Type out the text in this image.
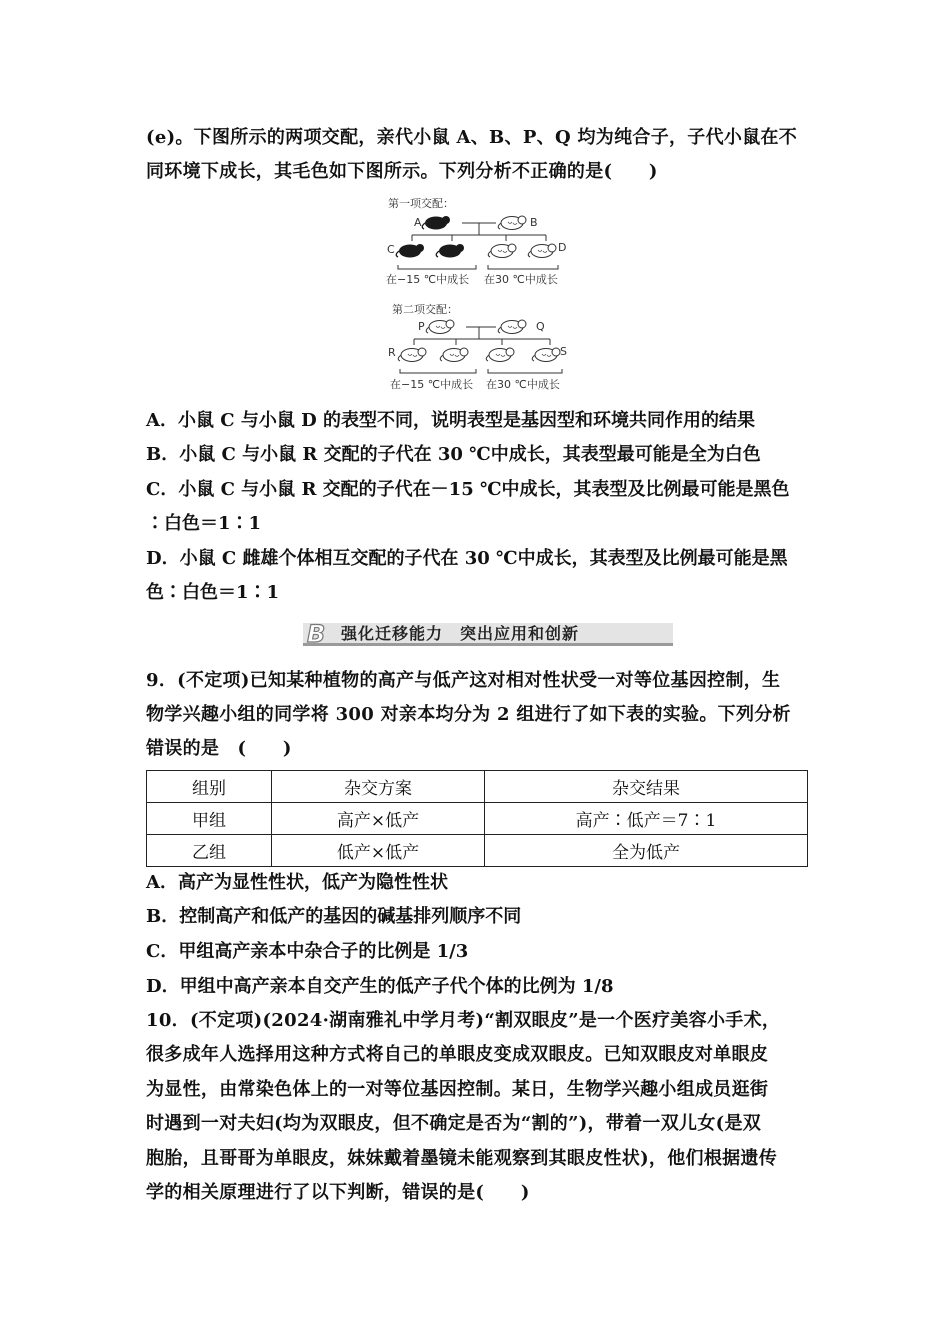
(e)。下图所示的两项交配，亲代小鼠 A、B、P、Q 均为纯合子，子代小鼠在不
同环境下成长，其毛色如下图所示。下列分析不正确的是(　　)
第一项交配：
A	B
C	D
在−15 ℃中成长 在30 ℃中成长
第二项交配：
P	Q
R	S
在−15 ℃中成长 在30 ℃中成长
A．小鼠 C 与小鼠 D 的表型不同，说明表型是基因型和环境共同作用的结果
B．小鼠 C 与小鼠 R 交配的子代在 30 ℃中成长，其表型最可能是全为白色
C．小鼠 C 与小鼠 R 交配的子代在－15 ℃中成长，其表型及比例最可能是黑色
∶白色＝1∶1
D．小鼠 C 雌雄个体相互交配的子代在 30 ℃中成长，其表型及比例最可能是黑
色∶白色＝1∶1
B 强化迁移能力　突出应用和创新
9．(不定项)已知某种植物的高产与低产这对相对性状受一对等位基因控制，生
物学兴趣小组的同学将 300 对亲本均分为 2 组进行了如下表的实验。下列分析
错误的是　(　　)
组别	杂交方案	杂交结果
甲组	高产×低产	高产∶低产＝7∶1
乙组	低产×低产	全为低产
A．高产为显性性状，低产为隐性性状
B．控制高产和低产的基因的碱基排列顺序不同
C．甲组高产亲本中杂合子的比例是 1/3
D．甲组中高产亲本自交产生的低产子代个体的比例为 1/8
10．(不定项)(2024·湖南雅礼中学月考)“割双眼皮”是一个医疗美容小手术，
很多成年人选择用这种方式将自己的单眼皮变成双眼皮。已知双眼皮对单眼皮
为显性，由常染色体上的一对等位基因控制。某日，生物学兴趣小组成员逛街
时遇到一对夫妇(均为双眼皮，但不确定是否为“割的”)，带着一双儿女(是双
胞胎，且哥哥为单眼皮，妹妹戴着墨镜未能观察到其眼皮性状)，他们根据遗传
学的相关原理进行了以下判断，错误的是(　　)
